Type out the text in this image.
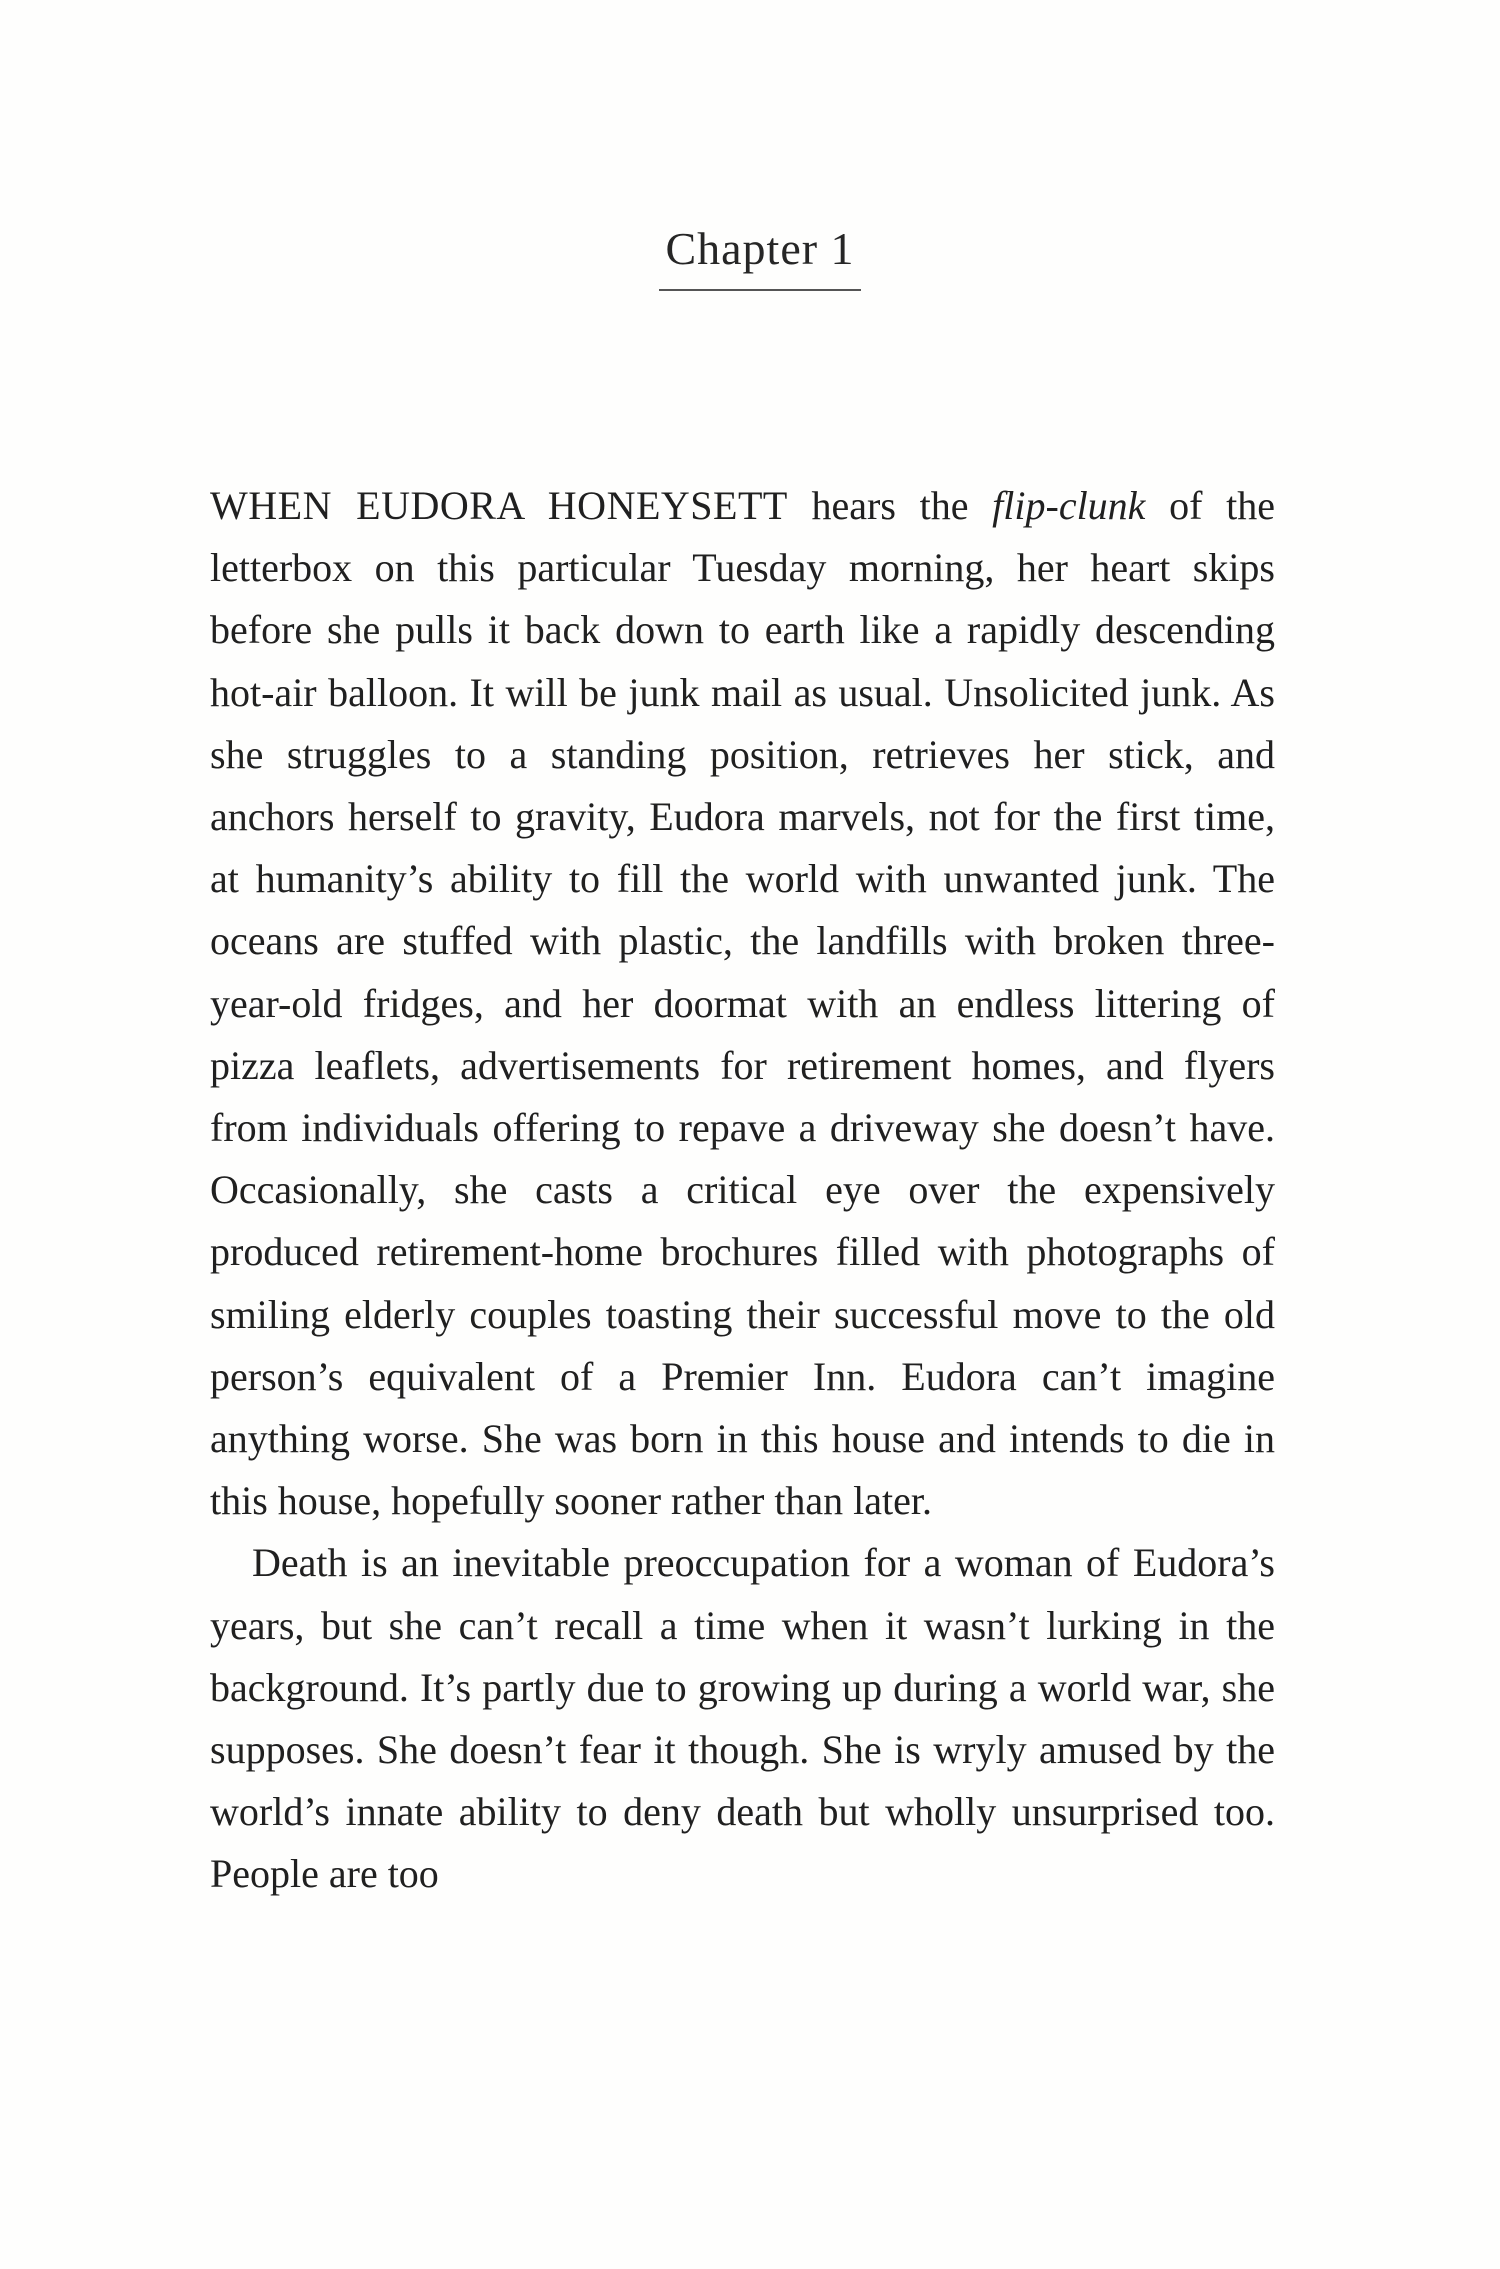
Chapter 1

WHEN EUDORA HONEYSETT hears the flip-clunk of the letterbox on this particular Tuesday morning, her heart skips before she pulls it back down to earth like a rapidly descending hot-air balloon. It will be junk mail as usual. Unsolicited junk. As she struggles to a standing position, retrieves her stick, and anchors herself to gravity, Eudora marvels, not for the first time, at humanity’s ability to fill the world with unwanted junk. The oceans are stuffed with plastic, the landfills with broken three-year-old fridges, and her doormat with an endless littering of pizza leaflets, advertisements for retirement homes, and flyers from individuals offering to repave a driveway she doesn’t have. Occasionally, she casts a critical eye over the expensively produced retirement-home brochures filled with photographs of smiling elderly couples toasting their successful move to the old person’s equivalent of a Premier Inn. Eudora can’t imagine anything worse. She was born in this house and intends to die in this house, hopefully sooner rather than later.

Death is an inevitable preoccupation for a woman of Eudora’s years, but she can’t recall a time when it wasn’t lurking in the background. It’s partly due to growing up during a world war, she supposes. She doesn’t fear it though. She is wryly amused by the world’s innate ability to deny death but wholly unsurprised too. People are too
